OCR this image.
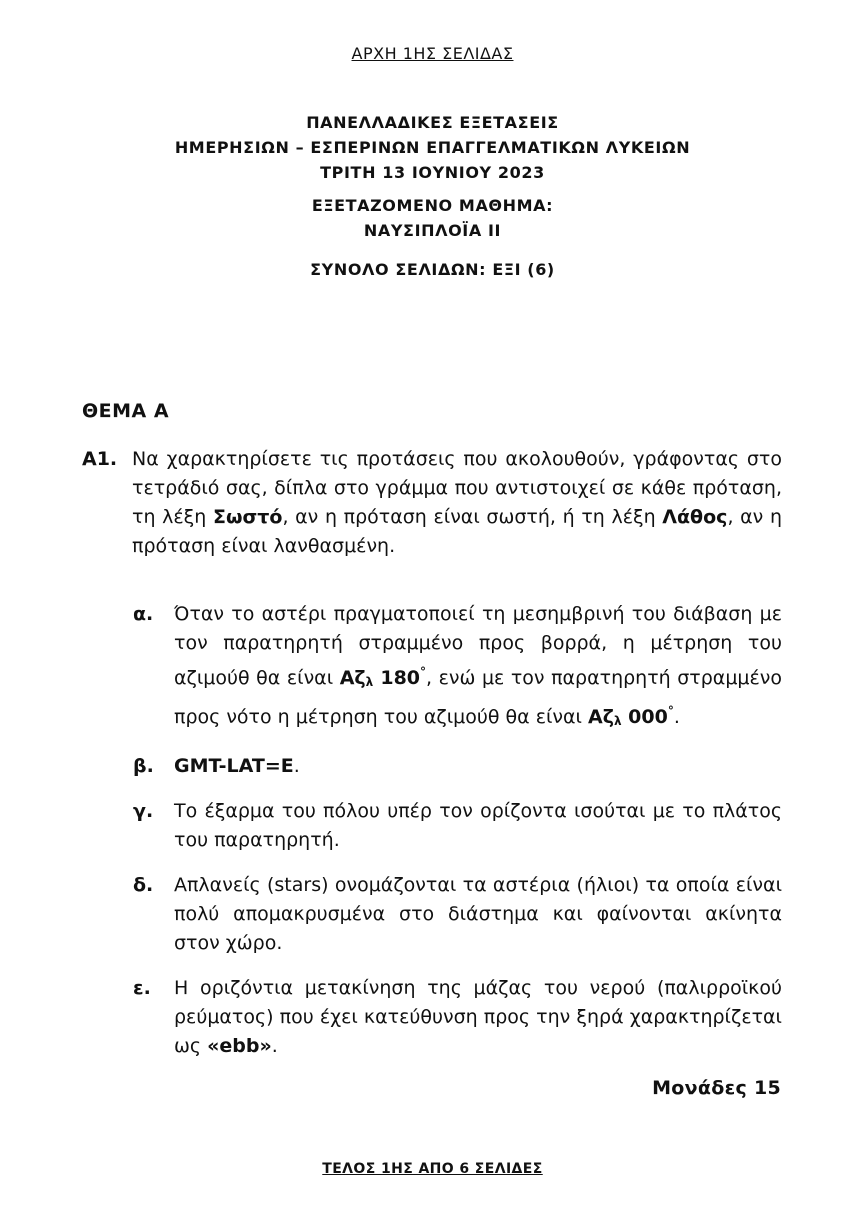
ΑΡΧΗ 1ΗΣ ΣΕΛΙΔΑΣ
ΠΑΝΕΛΛΑΔΙΚΕΣ ΕΞΕΤΑΣΕΙΣ
ΗΜΕΡΗΣΙΩΝ – ΕΣΠΕΡΙΝΩΝ ΕΠΑΓΓΕΛΜΑΤΙΚΩΝ ΛΥΚΕΙΩΝ
ΤΡΙΤΗ 13 ΙΟΥΝΙΟΥ 2023
ΕΞΕΤΑΖΟΜΕΝΟ ΜΑΘΗΜΑ:
ΝΑΥΣΙΠΛΟΪΑ ΙΙ
ΣΥΝΟΛΟ ΣΕΛΙΔΩΝ: ΕΞΙ (6)
ΘΕΜΑ Α
Α1. Να χαρακτηρίσετε τις προτάσεις που ακολουθούν, γράφοντας στο τετράδιό σας, δίπλα στο γράμμα που αντιστοιχεί σε κάθε πρόταση, τη λέξη Σωστό, αν η πρόταση είναι σωστή, ή τη λέξη Λάθος, αν η πρόταση είναι λανθασμένη.
α. Όταν το αστέρι πραγματοποιεί τη μεσημβρινή του διάβαση με τον παρατηρητή στραμμένο προς βορρά, η μέτρηση του αζιμούθ θα είναι $A\zeta_\lambda$ 180°, ενώ με τον παρατηρητή στραμμένο προς νότο η μέτρηση του αζιμούθ θα είναι $A\zeta_\lambda$ 000°.
β. GMT-LAT=E.
γ. Το έξαρμα του πόλου υπέρ τον ορίζοντα ισούται με το πλάτος του παρατηρητή.
δ. Απλανείς (stars) ονομάζονται τα αστέρια (ήλιοι) τα οποία είναι πολύ απομακρυσμένα στο διάστημα και φαίνονται ακίνητα στον χώρο.
ε. Η οριζόντια μετακίνηση της μάζας του νερού (παλιρροϊκού ρεύματος) που έχει κατεύθυνση προς την ξηρά χαρακτηρίζεται ως «ebb».
Μονάδες 15
ΤΕΛΟΣ 1ΗΣ ΑΠΟ 6 ΣΕΛΙΔΕΣ
